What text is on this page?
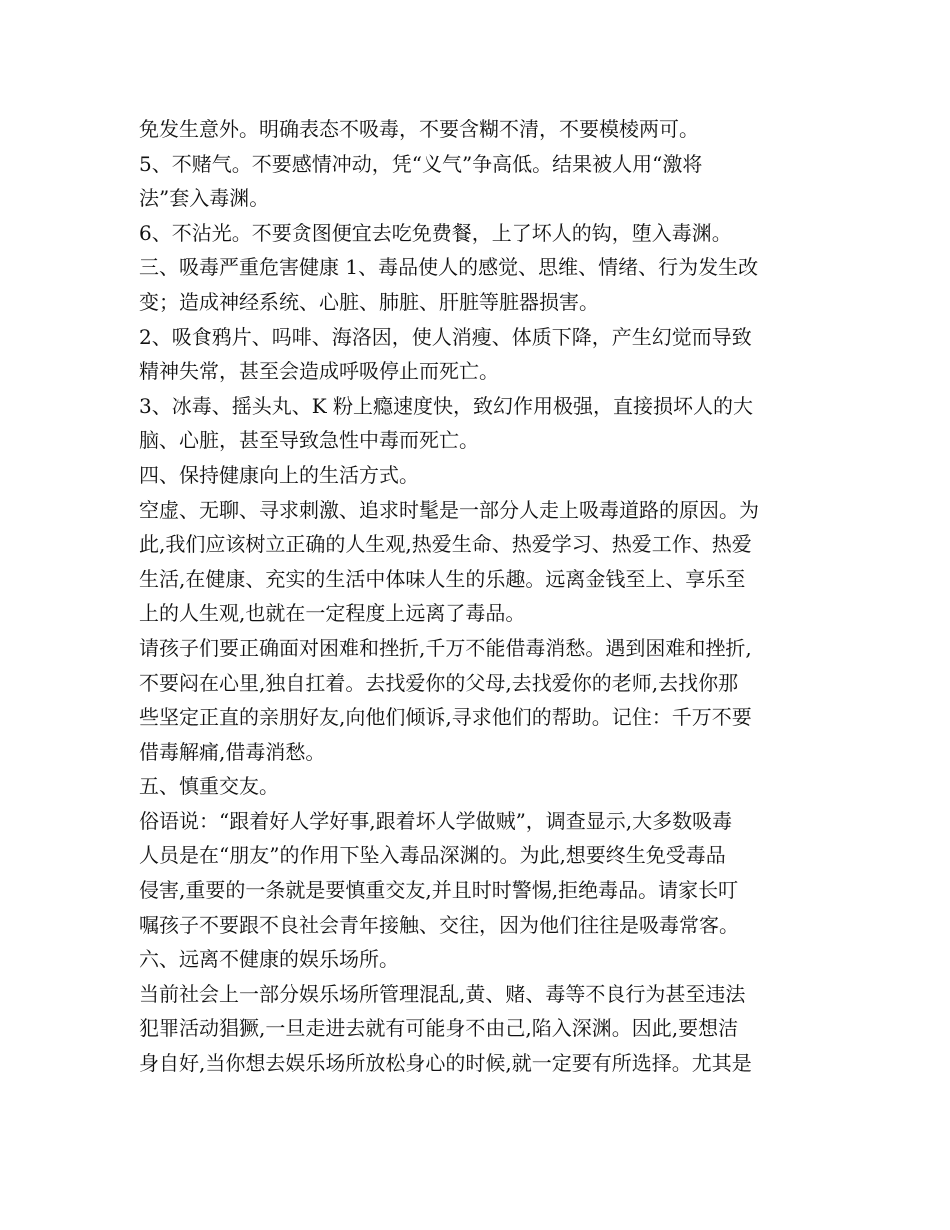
免发生意外。明确表态不吸毒，不要含糊不清，不要模棱两可。
5、不赌气。不要感情冲动，凭“义气”争高低。结果被人用“激将
法”套入毒渊。
6、不沾光。不要贪图便宜去吃免费餐，上了坏人的钩，堕入毒渊。
三、吸毒严重危害健康 1、毒品使人的感觉、思维、情绪、行为发生改
变；造成神经系统、心脏、肺脏、肝脏等脏器损害。
2、吸食鸦片、吗啡、海洛因，使人消瘦、体质下降，产生幻觉而导致
精神失常，甚至会造成呼吸停止而死亡。
3、冰毒、摇头丸、K 粉上瘾速度快，致幻作用极强，直接损坏人的大
脑、心脏，甚至导致急性中毒而死亡。
四、保持健康向上的生活方式。
空虚、无聊、寻求刺激、追求时髦是一部分人走上吸毒道路的原因。为
此,我们应该树立正确的人生观,热爱生命、热爱学习、热爱工作、热爱
生活,在健康、充实的生活中体味人生的乐趣。远离金钱至上、享乐至
上的人生观,也就在一定程度上远离了毒品。
请孩子们要正确面对困难和挫折,千万不能借毒消愁。遇到困难和挫折,
不要闷在心里,独自扛着。去找爱你的父母,去找爱你的老师,去找你那
些坚定正直的亲朋好友,向他们倾诉,寻求他们的帮助。记住：千万不要
借毒解痛,借毒消愁。
五、慎重交友。
俗语说：“跟着好人学好事,跟着坏人学做贼”，调查显示,大多数吸毒
人员是在“朋友”的作用下坠入毒品深渊的。为此,想要终生免受毒品
侵害,重要的一条就是要慎重交友,并且时时警惕,拒绝毒品。请家长叮
嘱孩子不要跟不良社会青年接触、交往，因为他们往往是吸毒常客。
六、远离不健康的娱乐场所。
当前社会上一部分娱乐场所管理混乱,黄、赌、毒等不良行为甚至违法
犯罪活动猖獗,一旦走进去就有可能身不由己,陷入深渊。因此,要想洁
身自好,当你想去娱乐场所放松身心的时候,就一定要有所选择。尤其是
